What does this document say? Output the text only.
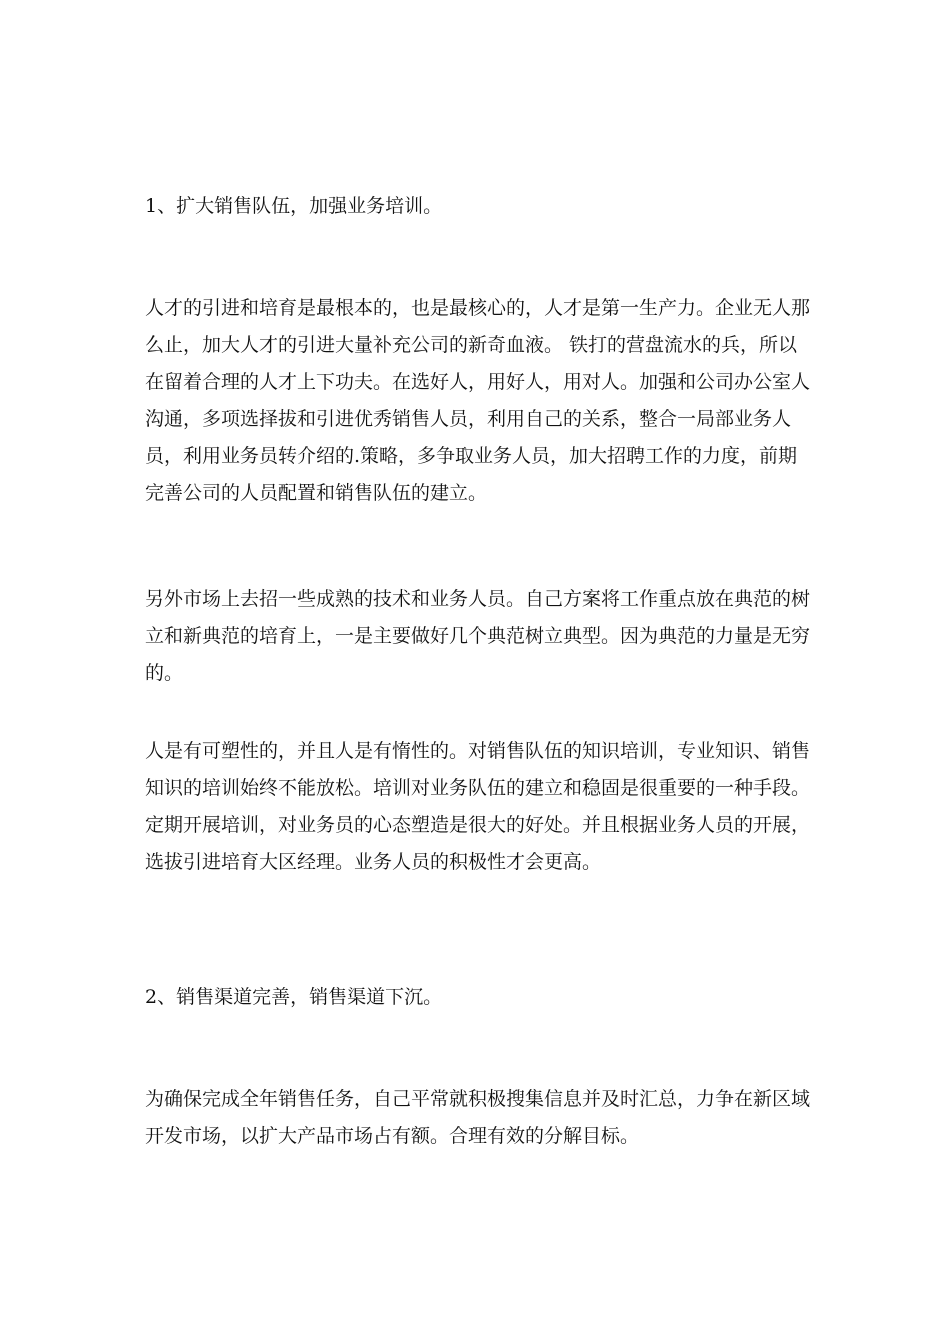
1、扩大销售队伍，加强业务培训。

人才的引进和培育是最根本的，也是最核心的，人才是第一生产力。企业无人那么止，加大人才的引进大量补充公司的新奇血液。 铁打的营盘流水的兵，所以在留着合理的人才上下功夫。在选好人，用好人，用对人。加强和公司办公室人沟通，多项选择拔和引进优秀销售人员，利用自己的关系，整合一局部业务人员，利用业务员转介绍的.策略，多争取业务人员，加大招聘工作的力度，前期完善公司的人员配置和销售队伍的建立。

另外市场上去招一些成熟的技术和业务人员。自己方案将工作重点放在典范的树立和新典范的培育上，一是主要做好几个典范树立典型。因为典范的力量是无穷的。

人是有可塑性的，并且人是有惰性的。对销售队伍的知识培训，专业知识、销售知识的培训始终不能放松。培训对业务队伍的建立和稳固是很重要的一种手段。定期开展培训，对业务员的心态塑造是很大的好处。并且根据业务人员的开展，选拔引进培育大区经理。业务人员的积极性才会更高。

2、销售渠道完善，销售渠道下沉。

为确保完成全年销售任务，自己平常就积极搜集信息并及时汇总，力争在新区域开发市场，以扩大产品市场占有额。合理有效的分解目标。
